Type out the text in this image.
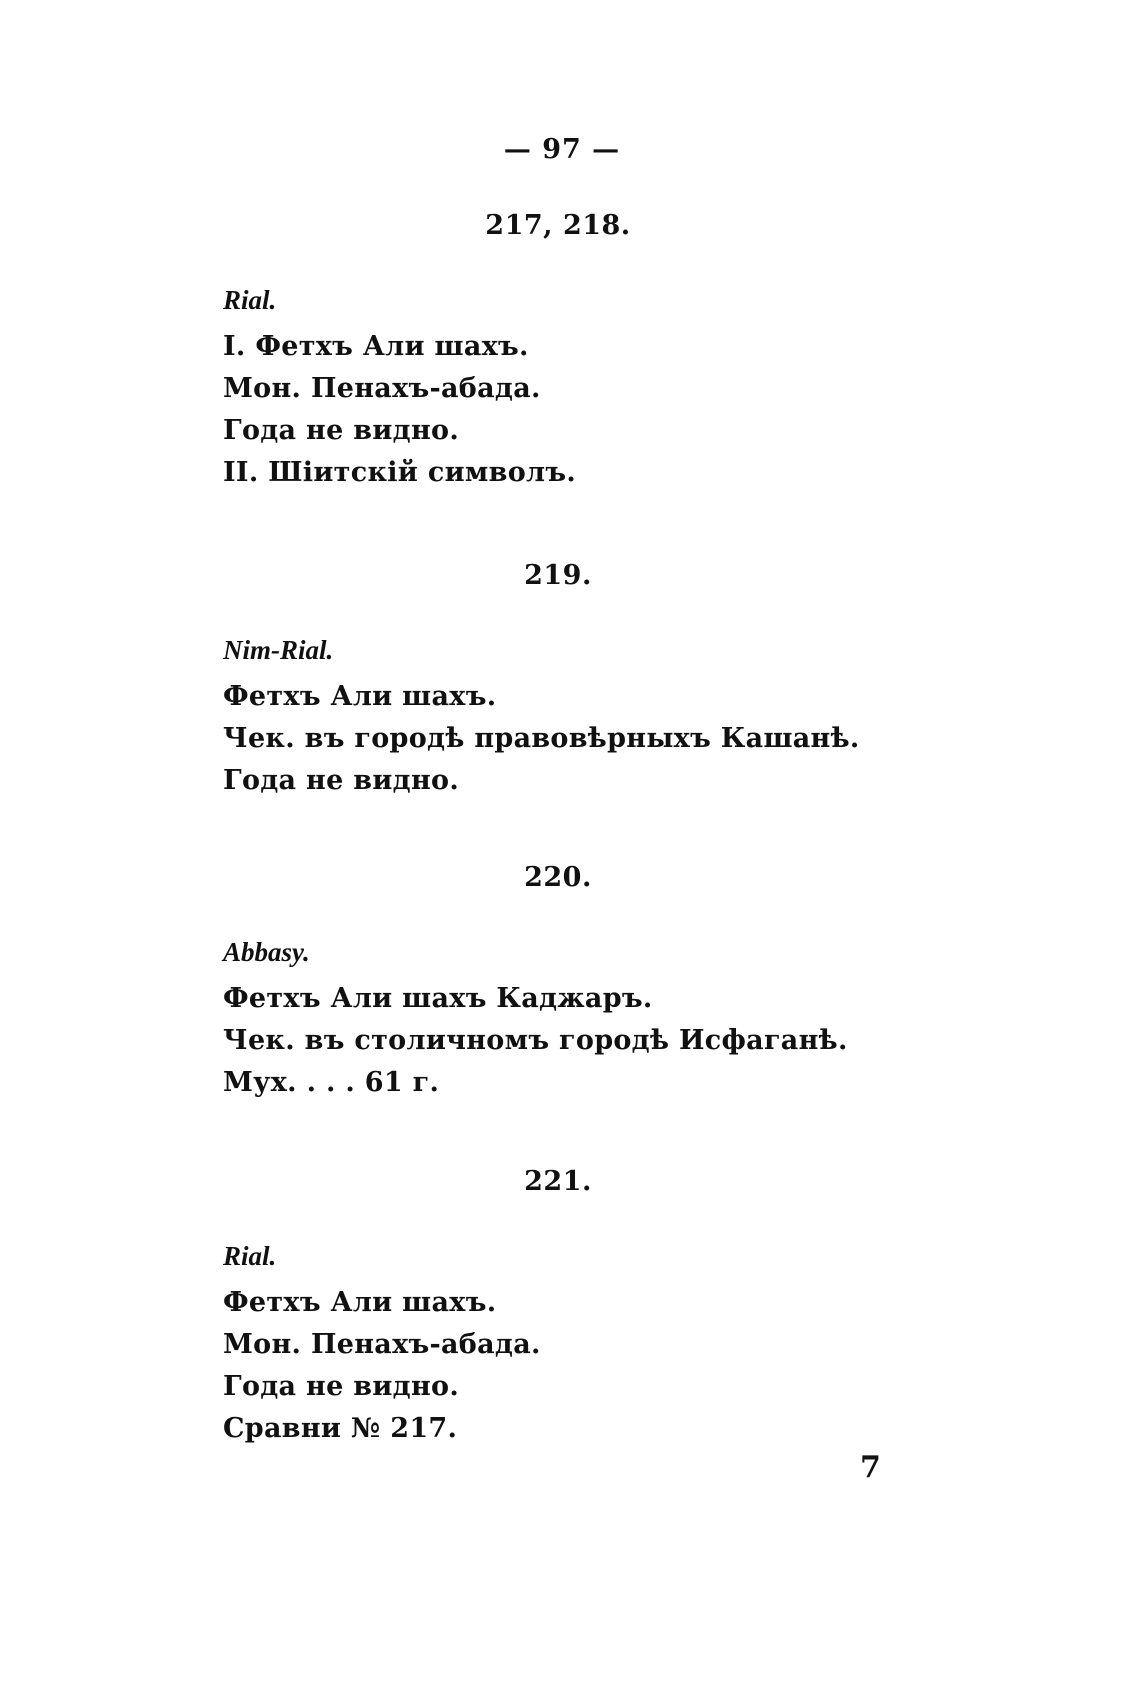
— 97 —
217, 218.
Rial.
I. Фетхъ Али шахъ.
Мон. Пенахъ-абада.
Года не видно.
II. Шiитскiй символъ.
219.
Nim-Rial.
Фетхъ Али шахъ.
Чек. въ городѣ правовѣрныхъ Кашанѣ.
Года не видно.
220.
Abbasy.
Фетхъ Али шахъ Каджаръ.
Чек. въ столичномъ городѣ Исфаганѣ.
Мух. . . . 61 г.
221.
Rial.
Фетхъ Али шахъ.
Мон. Пенахъ-абада.
Года не видно.
Сравни № 217.
7
